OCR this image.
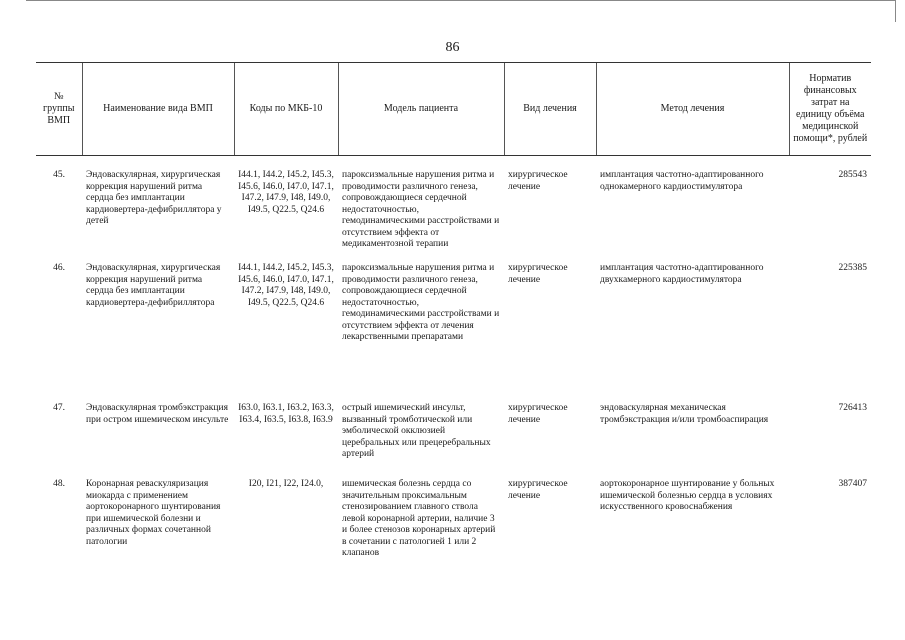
86
№ группы ВМП	Наименование вида ВМП	Коды по МКБ-10	Модель пациента	Вид лечения	Метод лечения	Норматив финансовых затрат на единицу объёма медицинской помощи*, рублей
45.	Эндоваскулярная, хирургическая коррекция нарушений ритма сердца без имплантации кардиовертера-дефибриллятора у детей	I44.1, I44.2, I45.2, I45.3, I45.6, I46.0, I47.0, I47.1, I47.2, I47.9, I48, I49.0, I49.5, Q22.5, Q24.6	пароксизмальные нарушения ритма и проводимости различного генеза, сопровождающиеся сердечной недостаточностью, гемодинамическими расстройствами и отсутствием эффекта от медикаментозной терапии	хирургическое лечение	имплантация частотно-адаптированного однокамерного кардиостимулятора	285543
46.	Эндоваскулярная, хирургическая коррекция нарушений ритма сердца без имплантации кардиовертера-дефибриллятора	I44.1, I44.2, I45.2, I45.3, I45.6, I46.0, I47.0, I47.1, I47.2, I47.9, I48, I49.0, I49.5, Q22.5, Q24.6	пароксизмальные нарушения ритма и проводимости различного генеза, сопровождающиеся сердечной недостаточностью, гемодинамическими расстройствами и отсутствием эффекта от лечения лекарственными препаратами	хирургическое лечение	имплантация частотно-адаптированного двухкамерного кардиостимулятора	225385
47.	Эндоваскулярная тромбэкстракция при остром ишемическом инсульте	I63.0, I63.1, I63.2, I63.3, I63.4, I63.5, I63.8, I63.9	острый ишемический инсульт, вызванный тромботической или эмболической окклюзией церебральных или прецеребральных артерий	хирургическое лечение	эндоваскулярная механическая тромбэкстракция и/или тромбоаспирация	726413
48.	Коронарная реваскуляризация миокарда с применением аортокоронарного шунтирования при ишемической болезни и различных формах сочетанной патологии	I20, I21, I22, I24.0,	ишемическая болезнь сердца со значительным проксимальным стенозированием главного ствола левой коронарной артерии, наличие 3 и более стенозов коронарных артерий в сочетании с патологией 1 или 2 клапанов	хирургическое лечение	аортокоронарное шунтирование у больных ишемической болезнью сердца в условиях искусственного кровоснабжения	387407
